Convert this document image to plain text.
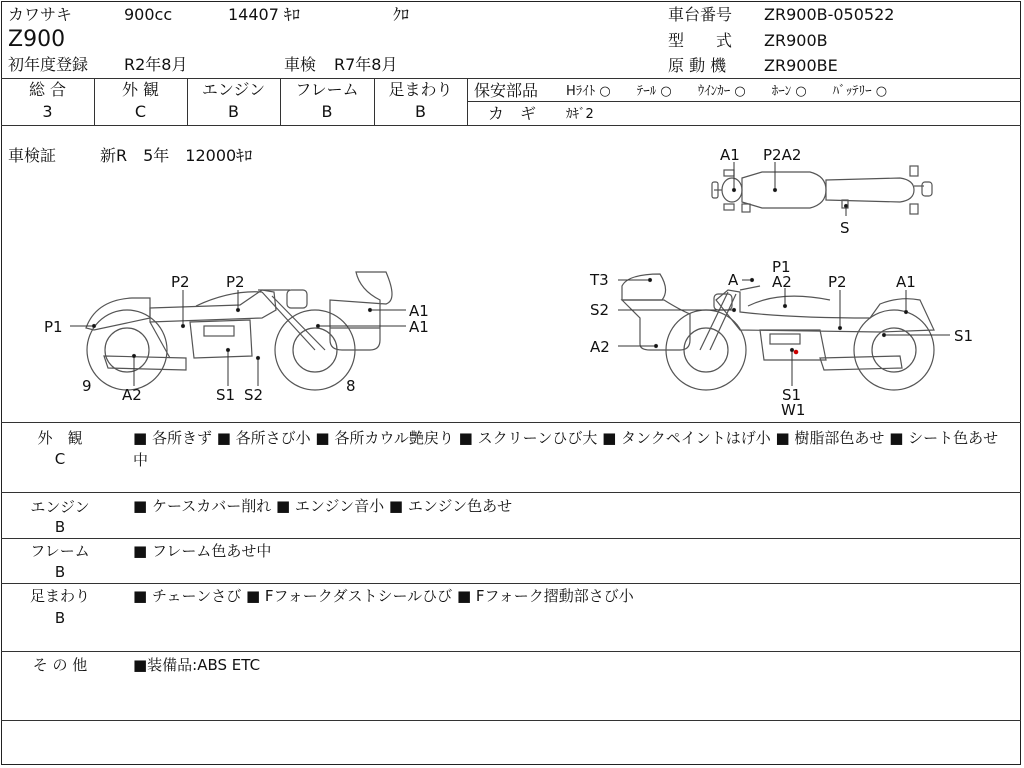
カワサキ	900cc	14407 ｷﾛ	ｸﾛ
Z900
初年度登録 R2年8月	車検 R7年8月
車台番号 ZR900B-050522
型　　式 ZR900B
原 動 機 ZR900BE
総 合
3
外 観
C
エンジン
B
フレーム
B
足まわり
B
保安部品 Hﾗｲﾄ ○　　ﾃｰﾙ ○　　ｳｲﾝｶｰ ○　　ﾎｰﾝ ○　　ﾊﾞｯﾃﾘｰ ○
カ　ギ ｶｷﾞ2
車検証	新R　5年　12000ｷﾛ	A1 P2A2
S
P2 P2
P1
A1
A1
9 A2	S1 S2	8
T3	A
P1
A2 P2	A1
S2
S1
A2
S1
W1
外　観
C
■ 各所きず ■ 各所さび小 ■ 各所カウル艶戻り ■ スクリーンひび大 ■ タンクペイントはげ小 ■ 樹脂部色あせ ■ シート色あせ中
エンジン
B
■ ケースカバー削れ ■ エンジン音小 ■ エンジン色あせ
フレーム
B
■ フレーム色あせ中
足まわり
B
■ チェーンさび ■ Fフォークダストシールひび ■ Fフォーク摺動部さび小
そ の 他	■装備品:ABS ETC
